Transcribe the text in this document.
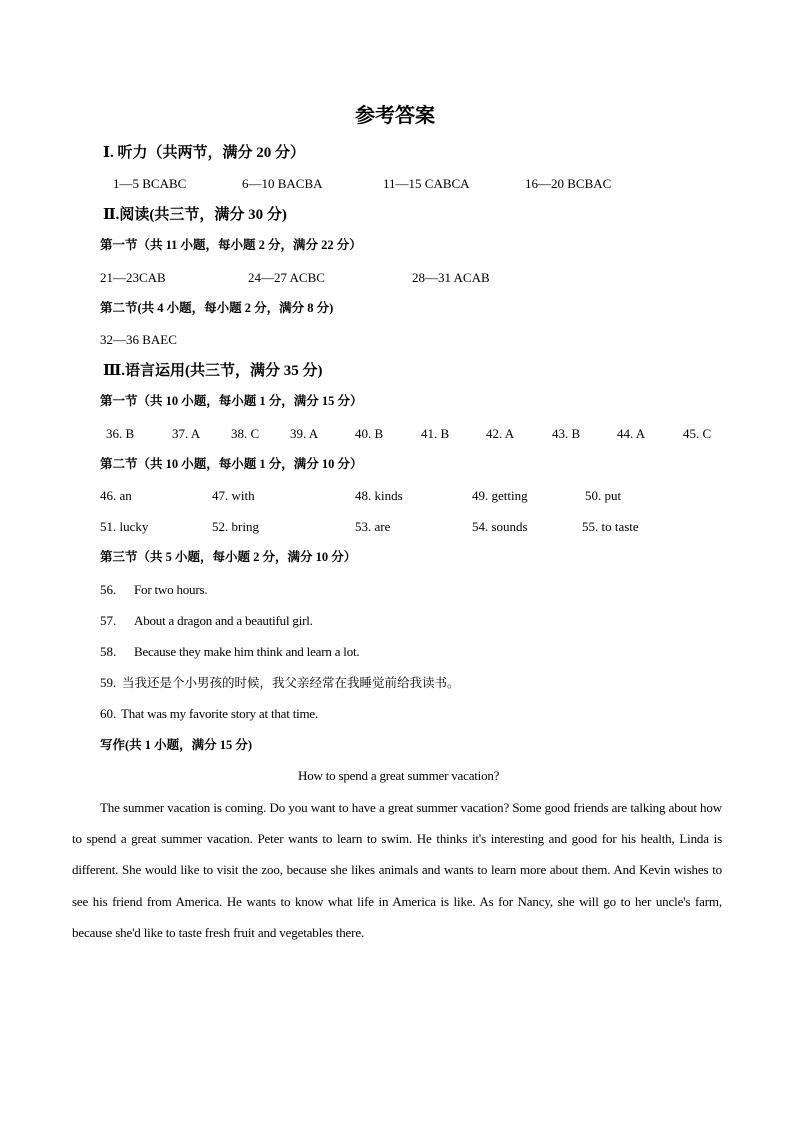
参考答案
Ⅰ. 听力（共两节，满分 20 分）
1—5 BCABC	6—10 BACBA	11—15 CABCA	16—20 BCBAC
Ⅱ.阅读(共三节，满分 30 分)
第一节（共 11 小题，每小题 2 分，满分 22 分）
21—23CAB	24—27 ACBC	28—31 ACAB
第二节(共 4 小题，每小题 2 分，满分 8 分)
32—36 BAEC
Ⅲ.语言运用(共三节，满分 35 分)
第一节（共 10 小题，每小题 1 分，满分 15 分）
36. B	37. A 38. C 39. A	40. B	41. B	42. A	43. B	44. A	45. C
第二节（共 10 小题，每小题 1 分，满分 10 分）
46. an	47. with	48. kinds	49. getting	50. put
51. lucky	52. bring	53. are	54. sounds	55. to taste
第三节（共 5 小题，每小题 2 分，满分 10 分）
56. For two hours.
57. About a dragon and a beautiful girl.
58. Because they make him think and learn a lot.
59. 当我还是个小男孩的时候，我父亲经常在我睡觉前给我读书。
60. That was my favorite story at that time.
写作(共 1 小题，满分 15 分)
How to spend a great summer vacation?

The summer vacation is coming. Do you want to have a great summer vacation? Some good friends are talking about how to spend a great summer vacation. Peter wants to learn to swim. He thinks it's interesting and good for his health, Linda is different. She would like to visit the zoo, because she likes animals and wants to learn more about them. And Kevin wishes to see his friend from America. He wants to know what life in America is like. As for Nancy, she will go to her uncle's farm, because she'd like to taste fresh fruit and vegetables there.
